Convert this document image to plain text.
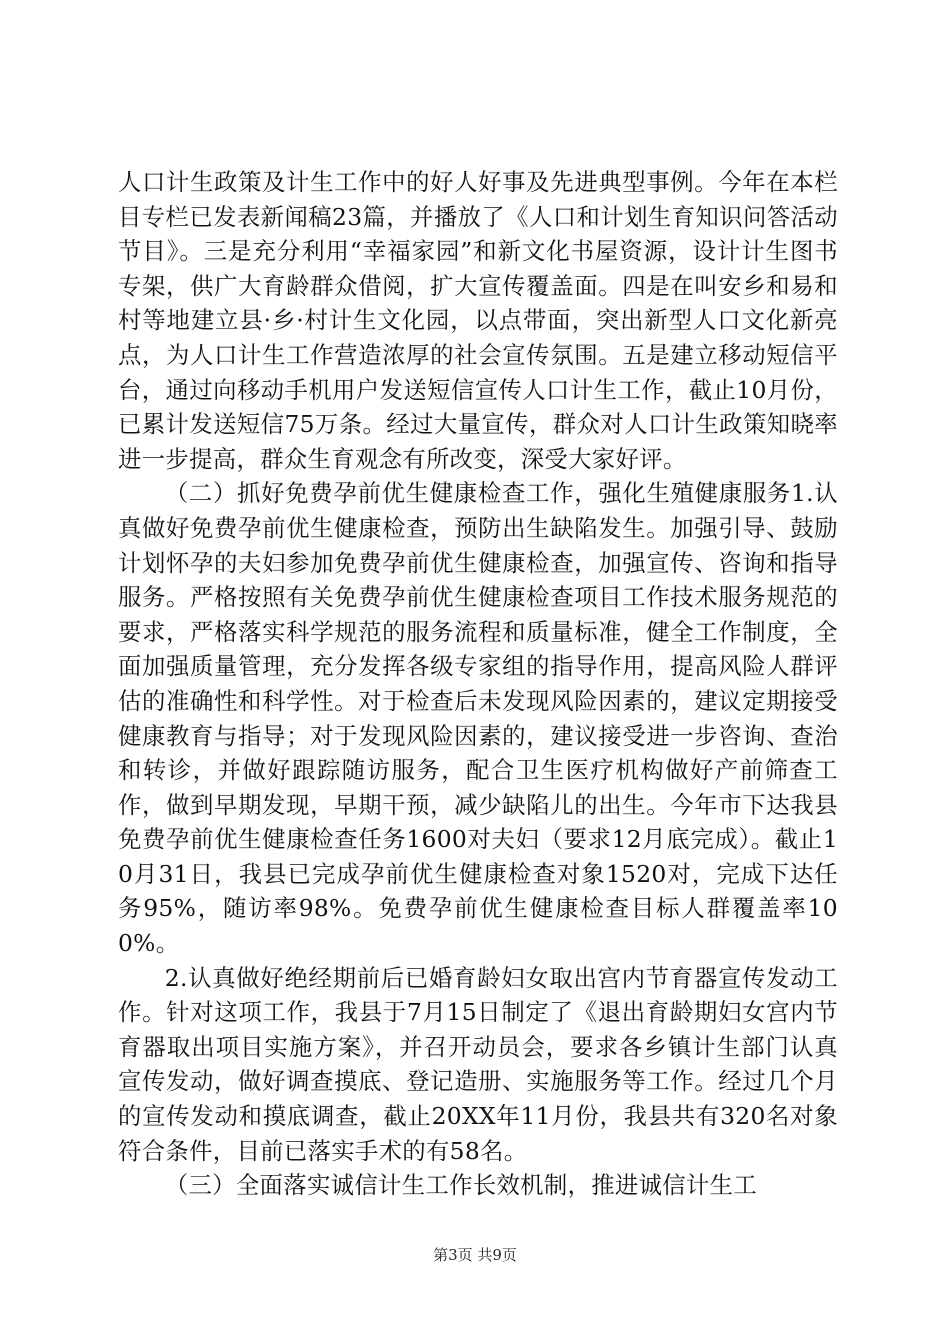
人口计生政策及计生工作中的好人好事及先进典型事例。今年在本栏目专栏已发表新闻稿23篇，并播放了《人口和计划生育知识问答活动节目》。三是充分利用“幸福家园”和新文化书屋资源，设计计生图书专架，供广大育龄群众借阅，扩大宣传覆盖面。四是在叫安乡和易和村等地建立县·乡·村计生文化园，以点带面，突出新型人口文化新亮点，为人口计生工作营造浓厚的社会宣传氛围。五是建立移动短信平台，通过向移动手机用户发送短信宣传人口计生工作，截止10月份，已累计发送短信75万条。经过大量宣传，群众对人口计生政策知晓率进一步提高，群众生育观念有所改变，深受大家好评。

（二）抓好免费孕前优生健康检查工作，强化生殖健康服务1.认真做好免费孕前优生健康检查，预防出生缺陷发生。加强引导、鼓励计划怀孕的夫妇参加免费孕前优生健康检查，加强宣传、咨询和指导服务。严格按照有关免费孕前优生健康检查项目工作技术服务规范的要求，严格落实科学规范的服务流程和质量标准，健全工作制度，全面加强质量管理，充分发挥各级专家组的指导作用，提高风险人群评估的准确性和科学性。对于检查后未发现风险因素的，建议定期接受健康教育与指导；对于发现风险因素的，建议接受进一步咨询、查治和转诊，并做好跟踪随访服务，配合卫生医疗机构做好产前筛查工作，做到早期发现，早期干预，减少缺陷儿的出生。今年市下达我县免费孕前优生健康检查任务1600对夫妇（要求12月底完成）。截止10月31日，我县已完成孕前优生健康检查对象1520对，完成下达任务95%，随访率98%。免费孕前优生健康检查目标人群覆盖率100%。

2.认真做好绝经期前后已婚育龄妇女取出宫内节育器宣传发动工作。针对这项工作，我县于7月15日制定了《退出育龄期妇女宫内节育器取出项目实施方案》，并召开动员会，要求各乡镇计生部门认真宣传发动，做好调查摸底、登记造册、实施服务等工作。经过几个月的宣传发动和摸底调查，截止20XX年11月份，我县共有320名对象符合条件，目前已落实手术的有58名。

（三）全面落实诚信计生工作长效机制，推进诚信计生工

第3页 共9页
